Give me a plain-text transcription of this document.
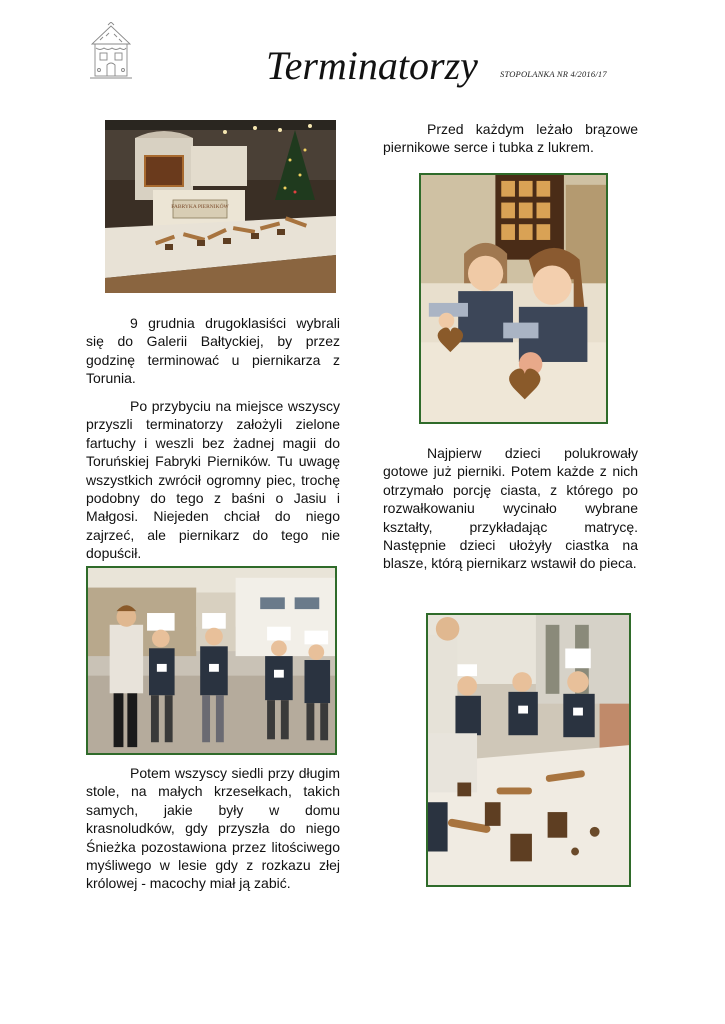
Terminatorzy	STOPOLANKA NR 4/2016/17
FABRYKA PIERNIKÓW

9 grudnia drugoklasiści wybrali się do Galerii Bałtyckiej, by przez godzinę terminować u piernikarza z Torunia.

Po przybyciu na miejsce wszyscy przyszli terminatorzy założyli zielone fartuchy i weszli bez żadnej magii do Toruńskiej Fabryki Pierników. Tu uwagę wszystkich zwrócił ogromny piec, trochę podobny do tego z baśni o Jasiu i Małgosi. Niejeden chciał do niego zajrzeć, ale piernikarz do tego nie dopuścił.

Potem wszyscy siedli przy długim stole, na małych krzesełkach, takich samych, jakie były w domu krasnoludków, gdy przyszła do niego Śnieżka pozostawiona przez litościwego myśliwego w lesie gdy z rozkazu złej królowej - macochy miał ją zabić.

Przed każdym leżało brązowe piernikowe serce i tubka z lukrem.

Najpierw dzieci polukrowały gotowe już pierniki. Potem każde z nich otrzymało porcję ciasta, z którego po rozwałkowaniu wycinało wybrane kształty, przykładając matrycę. Następnie dzieci ułożyły ciastka na blasze, którą piernikarz wstawił do pieca.
